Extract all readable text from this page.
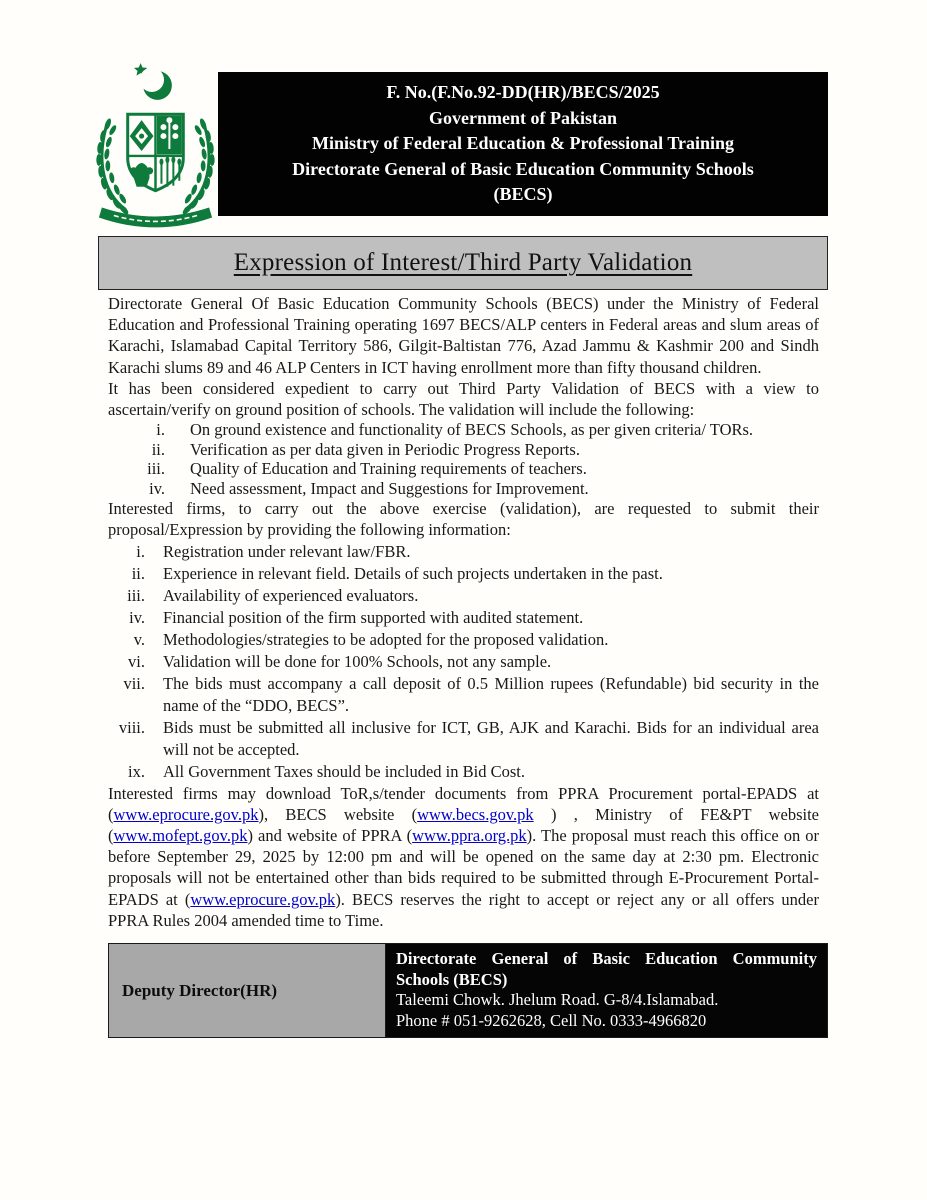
F. No.(F.No.92-DD(HR)/BECS/2025
Government of Pakistan
Ministry of Federal Education & Professional Training
Directorate General of Basic Education Community Schools
(BECS)
Expression of Interest/Third Party Validation

Directorate General Of Basic Education Community Schools (BECS) under the Ministry of Federal Education and Professional Training operating 1697 BECS/ALP centers in Federal areas and slum areas of Karachi, Islamabad Capital Territory 586, Gilgit-Baltistan 776, Azad Jammu & Kashmir 200 and Sindh Karachi slums 89 and 46 ALP Centers in ICT having enrollment more than fifty thousand children.

It has been considered expedient to carry out Third Party Validation of BECS with a view to ascertain/verify on ground position of schools. The validation will include the following:

i.	On ground existence and functionality of BECS Schools, as per given criteria/ TORs.
ii.	Verification as per data given in Periodic Progress Reports.
iii.	Quality of Education and Training requirements of teachers.
iv.	Need assessment, Impact and Suggestions for Improvement.

Interested firms, to carry out the above exercise (validation), are requested to submit their proposal/Expression by providing the following information:

i.	Registration under relevant law/FBR.
ii.	Experience in relevant field. Details of such projects undertaken in the past.
iii.	Availability of experienced evaluators.
iv.	Financial position of the firm supported with audited statement.
v.	Methodologies/strategies to be adopted for the proposed validation.
vi.	Validation will be done for 100% Schools, not any sample.
vii.	The bids must accompany a call deposit of 0.5 Million rupees (Refundable) bid security in the name of the “DDO, BECS”.
viii.	Bids must be submitted all inclusive for ICT, GB, AJK and Karachi. Bids for an individual area will not be accepted.
ix.	All Government Taxes should be included in Bid Cost.

Interested firms may download ToR,s/tender documents from PPRA Procurement portal-EPADS at (www.eprocure.gov.pk), BECS website (www.becs.gov.pk ) , Ministry of FE&PT website (www.mofept.gov.pk) and website of PPRA (www.ppra.org.pk). The proposal must reach this office on or before September 29, 2025 by 12:00 pm and will be opened on the same day at 2:30 pm. Electronic proposals will not be entertained other than bids required to be submitted through E-Procurement Portal-EPADS at (www.eprocure.gov.pk). BECS reserves the right to accept or reject any or all offers under PPRA Rules 2004 amended time to Time.

Deputy Director(HR)
Directorate General of Basic Education Community Schools (BECS)
Taleemi Chowk. Jhelum Road. G-8/4.Islamabad.
Phone # 051-9262628, Cell No. 0333-4966820
